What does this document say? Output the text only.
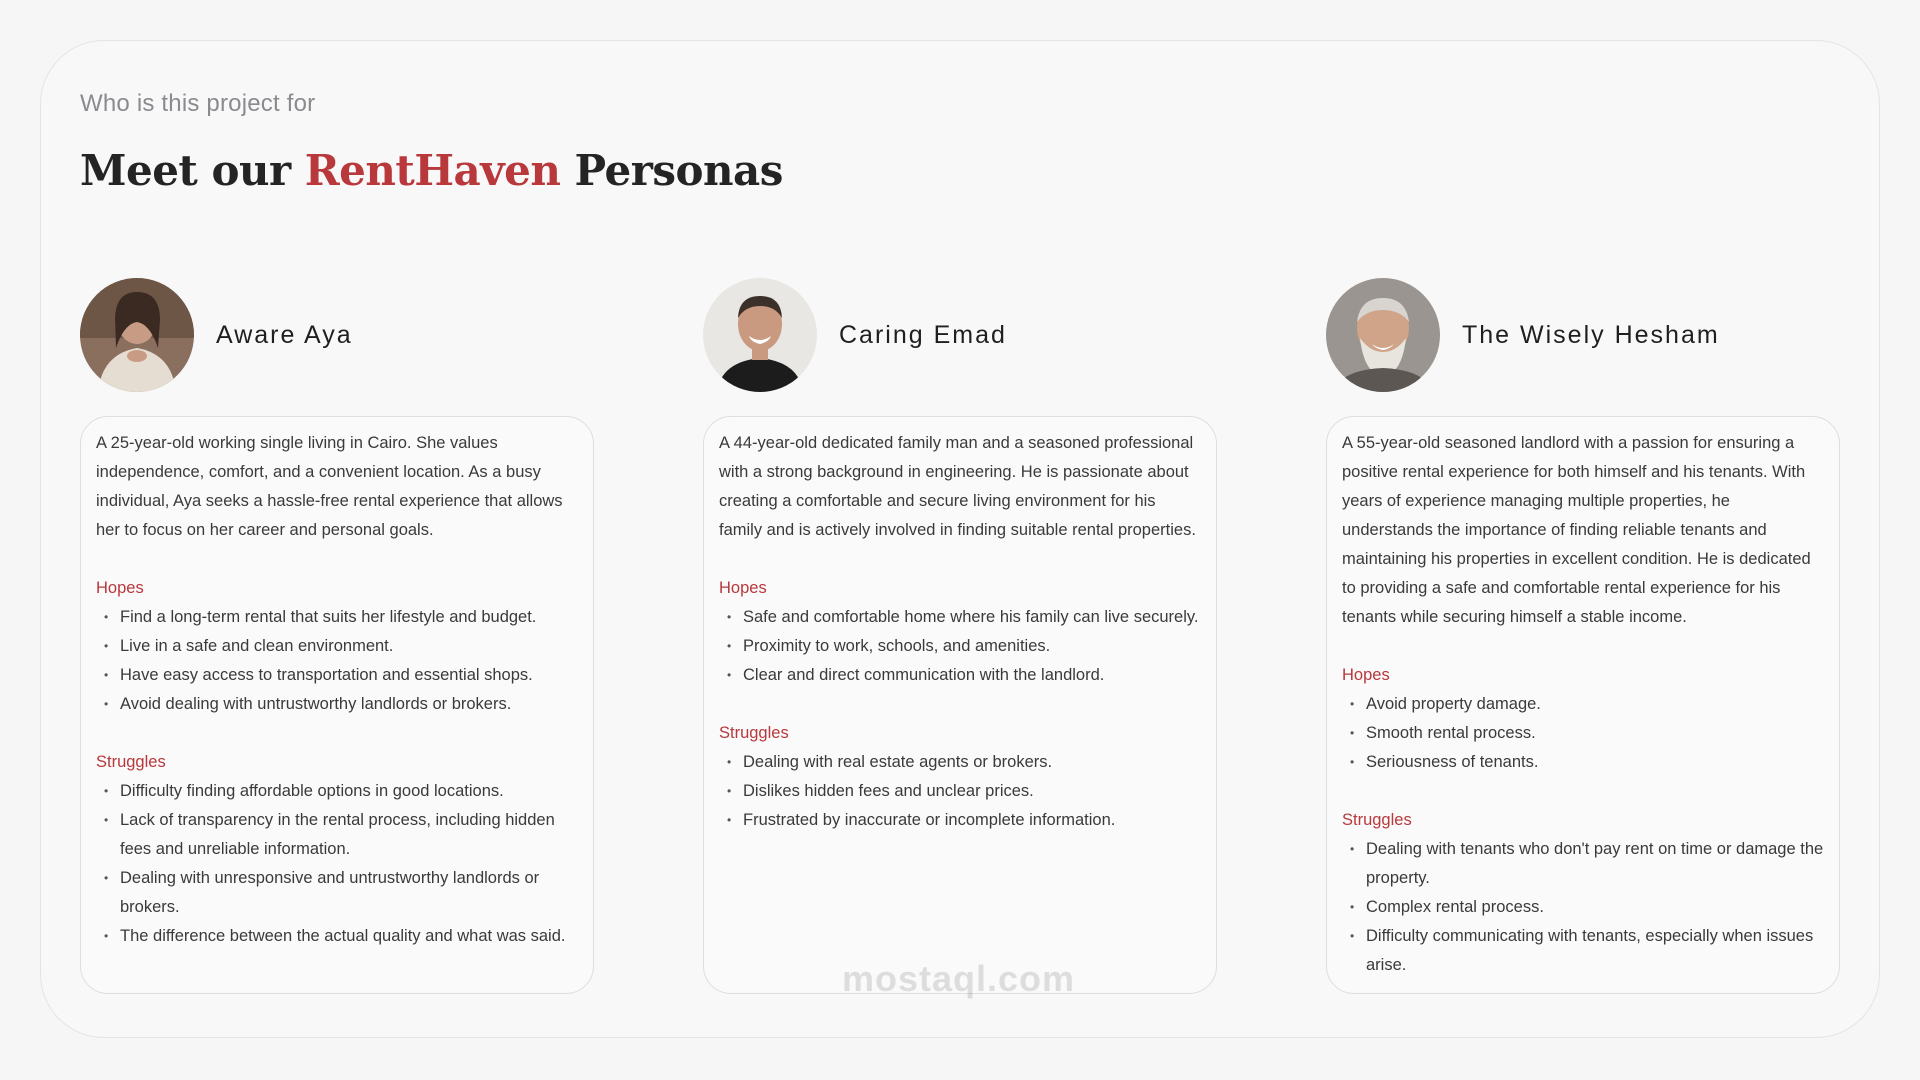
Who is this project for
Meet our RentHaven Personas
Aware Aya

A 25-year-old working single living in Cairo. She values independence, comfort, and a convenient location. As a busy individual, Aya seeks a hassle-free rental experience that allows her to focus on her career and personal goals.

Hopes
• Find a long-term rental that suits her lifestyle and budget.
• Live in a safe and clean environment.
• Have easy access to transportation and essential shops.
• Avoid dealing with untrustworthy landlords or brokers.
Struggles
• Difficulty finding affordable options in good locations.
• Lack of transparency in the rental process, including hidden fees and unreliable information.
• Dealing with unresponsive and untrustworthy landlords or brokers.
• The difference between the actual quality and what was said.
Caring Emad

A 44-year-old dedicated family man and a seasoned professional with a strong background in engineering. He is passionate about creating a comfortable and secure living environment for his family and is actively involved in finding suitable rental properties.

Hopes
• Safe and comfortable home where his family can live securely.
• Proximity to work, schools, and amenities.
• Clear and direct communication with the landlord.
Struggles
• Dealing with real estate agents or brokers.
• Dislikes hidden fees and unclear prices.
• Frustrated by inaccurate or incomplete information.
The Wisely Hesham

A 55-year-old seasoned landlord with a passion for ensuring a positive rental experience for both himself and his tenants. With years of experience managing multiple properties, he understands the importance of finding reliable tenants and maintaining his properties in excellent condition. He is dedicated to providing a safe and comfortable rental experience for his tenants while securing himself a stable income.

Hopes
• Avoid property damage.
• Smooth rental process.
• Seriousness of tenants.
Struggles
• Dealing with tenants who don't pay rent on time or damage the property.
• Complex rental process.
• Difficulty communicating with tenants, especially when issues arise.
mostaql.com
